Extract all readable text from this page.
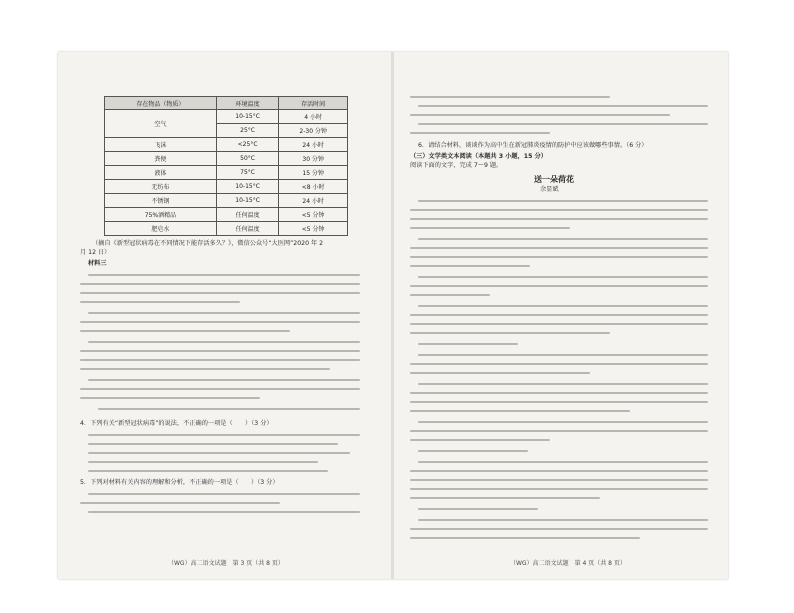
存在物品（物质）	环境温度	存活时间
空气	10-15°C	4 小时
	25°C	2-30 分钟
飞沫	<25°C	24 小时
粪便	50°C	30 分钟
液体	75°C	15 分钟
无纺布	10-15°C	<8 小时
不锈钢	10-15°C	24 小时
75%酒精品	任何温度	<5 分钟
肥皂水	任何温度	<5 分钟
（摘自《新型冠状病毒在不同情况下能存活多久？》，微信公众号“大医网”2020 年 2
月 12 日）
材料三
4．下列有关“新型冠状病毒”的说法，不正确的一项是（　　）（3 分）
5．下列对材料有关内容的理解和分析，不正确的一项是（　　）（3 分）
（WG）高二语文试题　第 3 页（共 8 页）
6．请结合材料，谈谈作为高中生在新冠肺炎疫情的防护中应该做哪些事情。（6 分）
（三）文学类文本阅读（本题共 3 小题，15 分）
阅读下面的文字，完成 7～9 题。
送一朵荷花
余显斌
（WG）高二语文试题　第 4 页（共 8 页）
